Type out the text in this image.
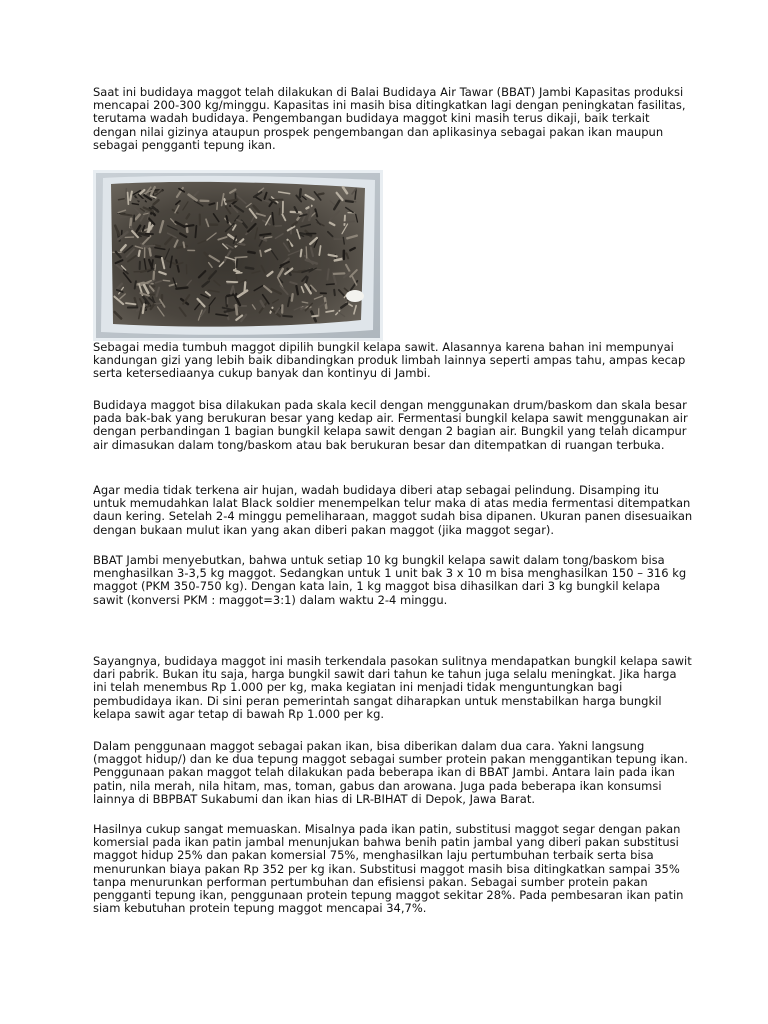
Saat ini budidaya maggot telah dilakukan di Balai Budidaya Air Tawar (BBAT) Jambi Kapasitas produksi mencapai 200-300 kg/minggu. Kapasitas ini masih bisa ditingkatkan lagi dengan peningkatan fasilitas, terutama wadah budidaya. Pengembangan budidaya maggot kini masih terus dikaji, baik terkait dengan nilai gizinya ataupun prospek pengembangan dan aplikasinya sebagai pakan ikan maupun sebagai pengganti tepung ikan.

Sebagai media tumbuh maggot dipilih bungkil kelapa sawit. Alasannya karena bahan ini mempunyai kandungan gizi yang lebih baik dibandingkan produk limbah lainnya seperti ampas tahu, ampas kecap serta ketersediaanya cukup banyak dan kontinyu di Jambi.

Budidaya maggot bisa dilakukan pada skala kecil dengan menggunakan drum/baskom dan skala besar pada bak-bak yang berukuran besar yang kedap air. Fermentasi bungkil kelapa sawit menggunakan air dengan perbandingan 1 bagian bungkil kelapa sawit dengan 2 bagian air. Bungkil yang telah dicampur air dimasukan dalam tong/baskom atau bak berukuran besar dan ditempatkan di ruangan terbuka.

Agar media tidak terkena air hujan, wadah budidaya diberi atap sebagai pelindung. Disamping itu untuk memudahkan lalat Black soldier menempelkan telur maka di atas media fermentasi ditempatkan daun kering. Setelah 2-4 minggu pemeliharaan, maggot sudah bisa dipanen. Ukuran panen disesuaikan dengan bukaan mulut ikan yang akan diberi pakan maggot (jika maggot segar).

BBAT Jambi menyebutkan, bahwa untuk setiap 10 kg bungkil kelapa sawit dalam tong/baskom bisa menghasilkan 3-3,5 kg maggot. Sedangkan untuk 1 unit bak 3 x 10 m bisa menghasilkan 150 – 316 kg maggot (PKM 350-750 kg). Dengan kata lain, 1 kg maggot bisa dihasilkan dari 3 kg bungkil kelapa sawit (konversi PKM : maggot=3:1) dalam waktu 2-4 minggu.

Sayangnya, budidaya maggot ini masih terkendala pasokan sulitnya mendapatkan bungkil kelapa sawit dari pabrik. Bukan itu saja, harga bungkil sawit dari tahun ke tahun juga selalu meningkat. Jika harga ini telah menembus Rp 1.000 per kg, maka kegiatan ini menjadi tidak menguntungkan bagi pembudidaya ikan. Di sini peran pemerintah sangat diharapkan untuk menstabilkan harga bungkil kelapa sawit agar tetap di bawah Rp 1.000 per kg.

Dalam penggunaan maggot sebagai pakan ikan, bisa diberikan dalam dua cara. Yakni langsung (maggot hidup/) dan ke dua tepung maggot sebagai sumber protein pakan menggantikan tepung ikan. Penggunaan pakan maggot telah dilakukan pada beberapa ikan di BBAT Jambi. Antara lain pada ikan patin, nila merah, nila hitam, mas, toman, gabus dan arowana. Juga pada beberapa ikan konsumsi lainnya di BBPBAT Sukabumi dan ikan hias di LR-BIHAT di Depok, Jawa Barat.

Hasilnya cukup sangat memuaskan. Misalnya pada ikan patin, substitusi maggot segar dengan pakan komersial pada ikan patin jambal menunjukan bahwa benih patin jambal yang diberi pakan substitusi maggot hidup 25% dan pakan komersial 75%, menghasilkan laju pertumbuhan terbaik serta bisa menurunkan biaya pakan Rp 352 per kg ikan. Substitusi maggot masih bisa ditingkatkan sampai 35% tanpa menurunkan performan pertumbuhan dan efisiensi pakan. Sebagai sumber protein pakan pengganti tepung ikan, penggunaan protein tepung maggot sekitar 28%. Pada pembesaran ikan patin siam kebutuhan protein tepung maggot mencapai 34,7%.
